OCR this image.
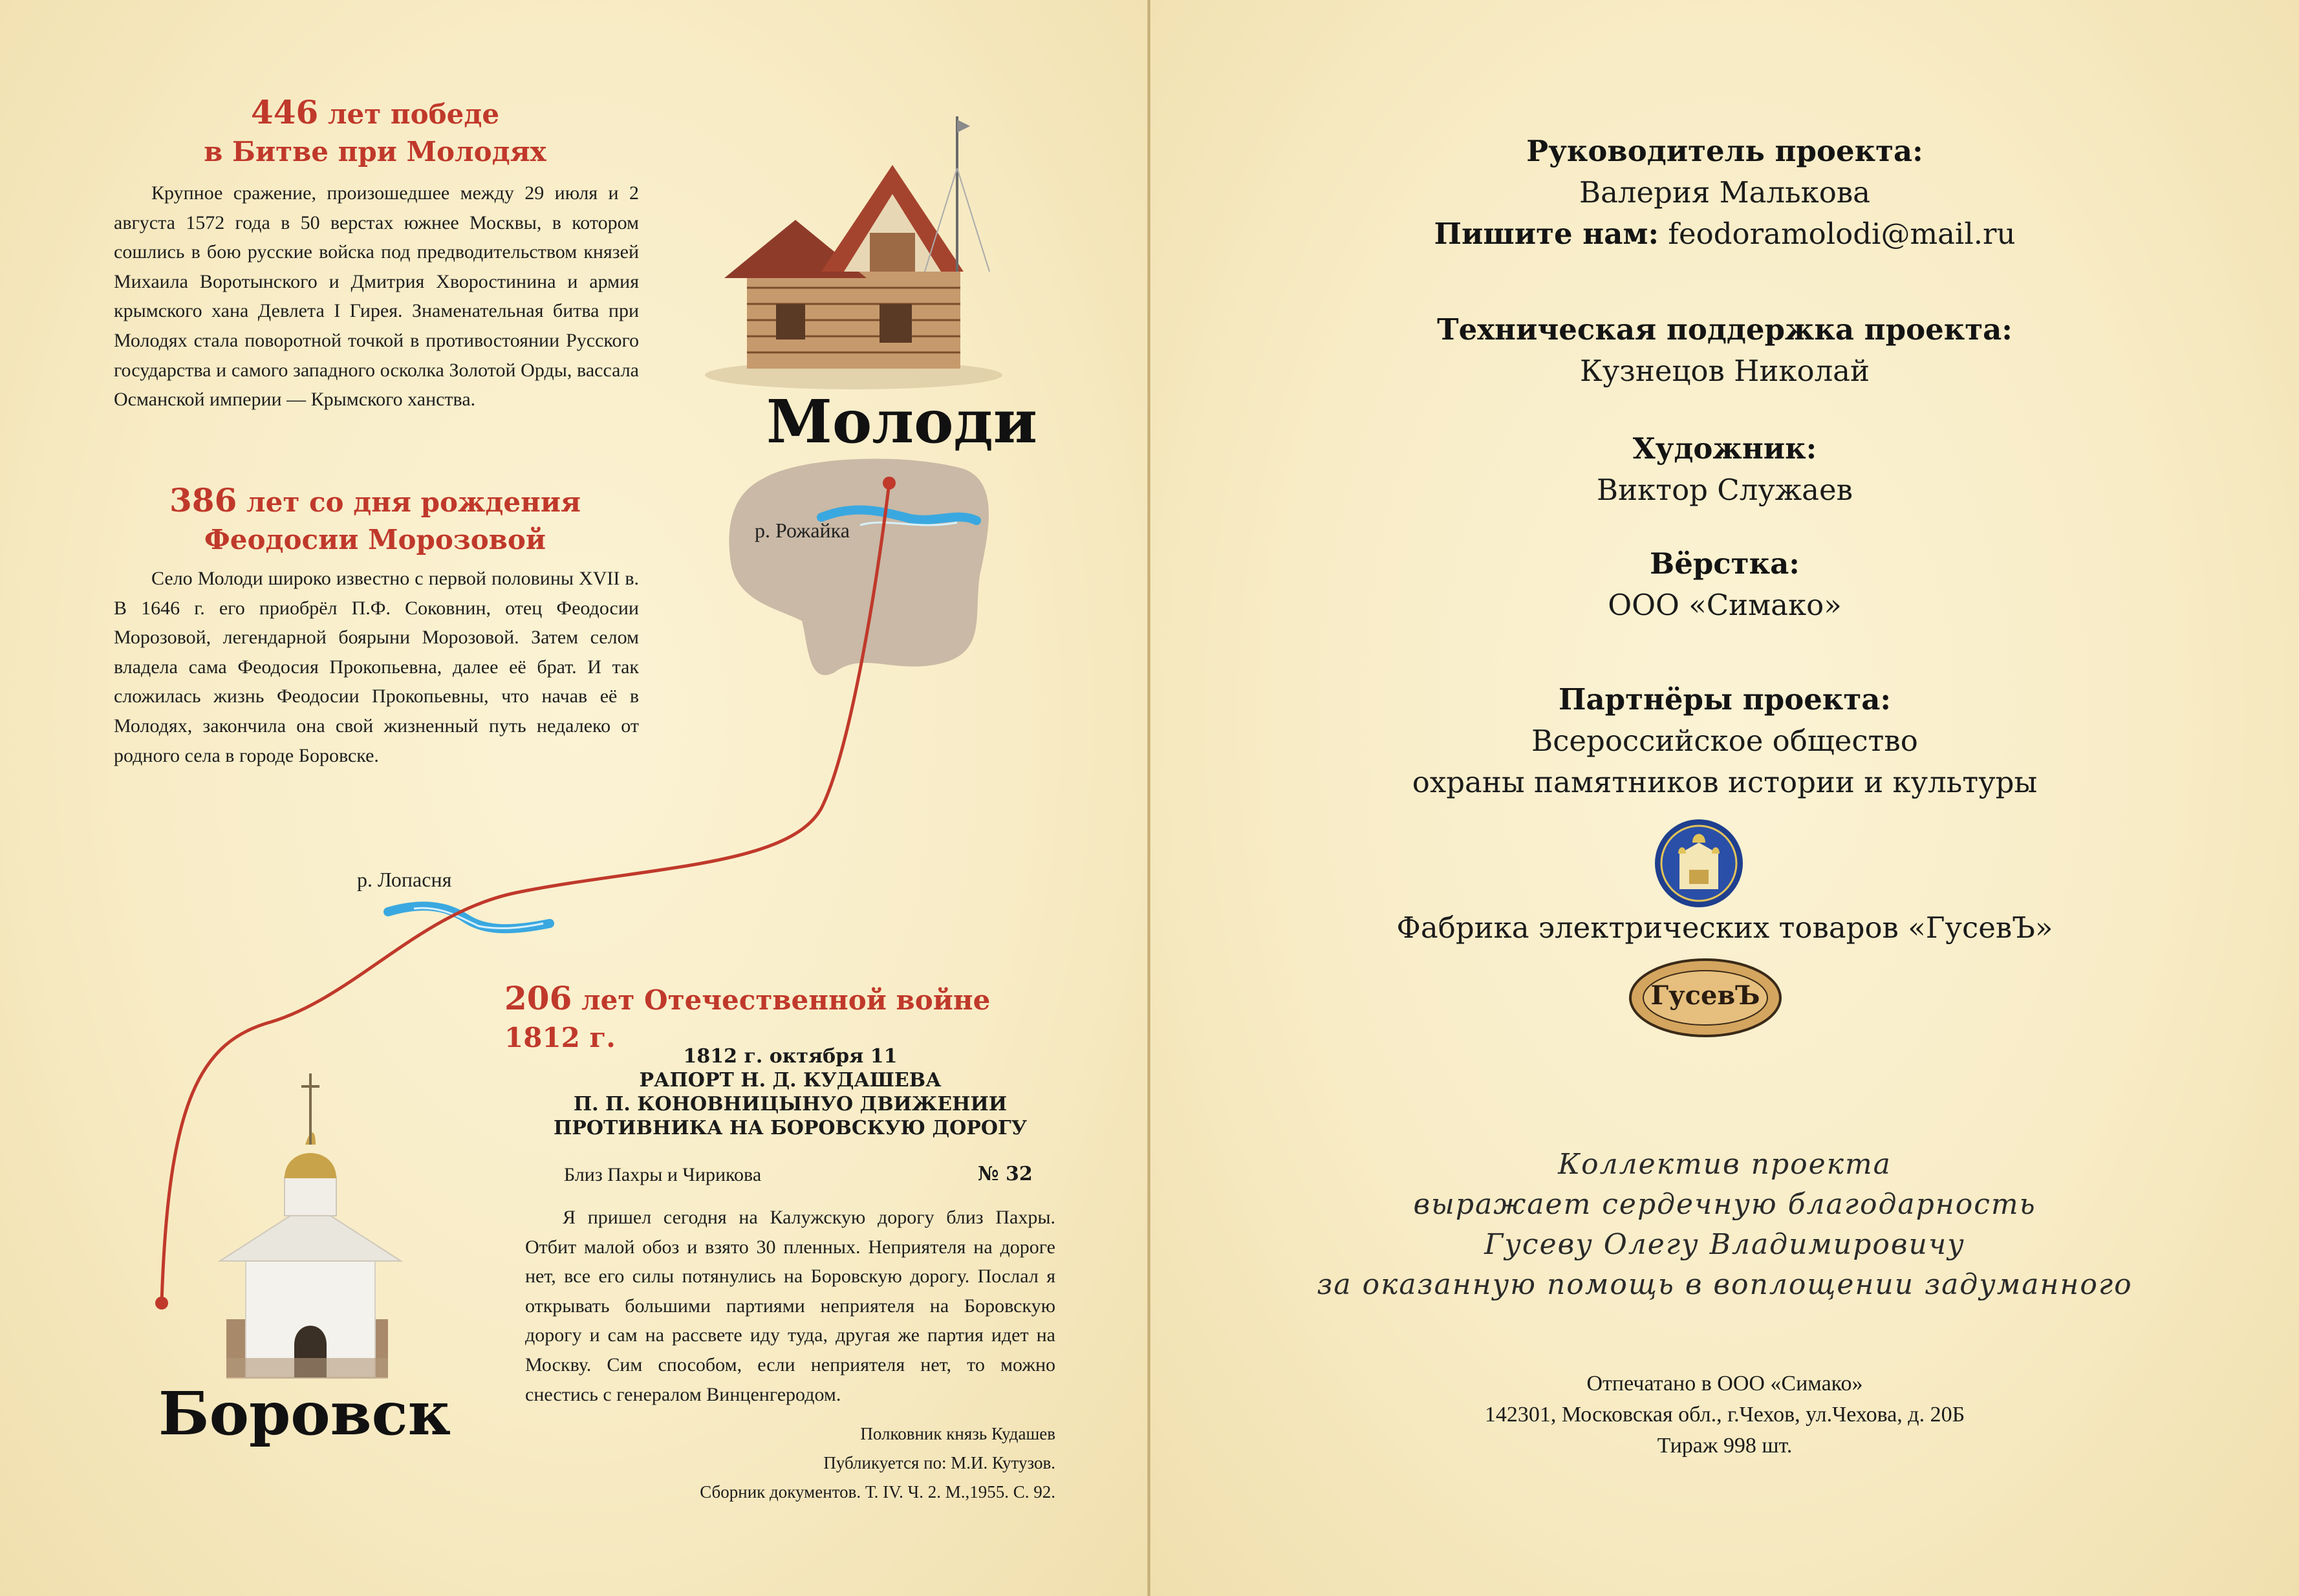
446 лет победе
в Битве при Молодях

Крупное сражение, произошедшее между 29 июля и 2 августа 1572 года в 50 верстах южнее Москвы, в котором сошлись в бою русские войска под предводительством князей Михаила Воротынского и Дмитрия Хворостинина и армия крымского хана Девлета I Гирея. Знаменательная битва при Молодях стала поворотной точкой в противостоянии Русского государства и самого западного осколка Золотой Орды, вассала Османской империи — Крымского ханства.

386 лет со дня рождения
Феодосии Морозовой

Село Молоди широко известно с первой половины XVII в. В 1646 г. его приобрёл П.Ф. Соковнин, отец Феодосии Морозовой, легендарной боярыни Морозовой. Затем селом владела сама Феодосия Прокопьевна, далее её брат. И так сложилась жизнь Феодосии Прокопьевны, что начав её в Молодях, закончила она свой жизненный путь недалеко от родного села в городе Боровске.

Молоди
р. Рожайка
р. Лопасня
Боровск
206 лет Отечественной войне 1812 г.
1812 г. октября 11
РАПОРТ Н. Д. КУДАШЕВА
П. П. КОНОВНИЦЫНУО ДВИЖЕНИИ
ПРОТИВНИКА НА БОРОВСКУЮ ДОРОГУ
Близ Пахры и Чирикова	№ 32

Я пришел сегодня на Калужскую дорогу близ Пахры. Отбит малой обоз и взято 30 пленных. Неприятеля на дороге нет, все его силы потянулись на Боровскую дорогу. Послал я открывать большими партиями неприятеля на Боровскую дорогу и сам на рассвете иду туда, другая же партия идет на Москву. Сим способом, если неприятеля нет, то можно снестись с генералом Винценгеродом.

Полковник князь Кудашев
Публикуется по: М.И. Кутузов.
Сборник документов. Т. IV. Ч. 2. М.,1955. С. 92.
Руководитель проекта:
Валерия Малькова
Пишите нам: feodoramolodi@mail.ru
Техническая поддержка проекта:
Кузнецов Николай
Художник:
Виктор Служаев
Вёрстка:
ООО «Симако»
Партнёры проекта:
Всероссийское общество
охраны памятников истории и культуры
Фабрика электрических товаров «ГусевЪ»
ГусевЪ
Коллектив проекта
выражает сердечную благодарность
Гусеву Олегу Владимировичу
за оказанную помощь в воплощении задуманного
Отпечатано в ООО «Симако»
142301, Московская обл., г.Чехов, ул.Чехова, д. 20Б
Тираж 998 шт.
